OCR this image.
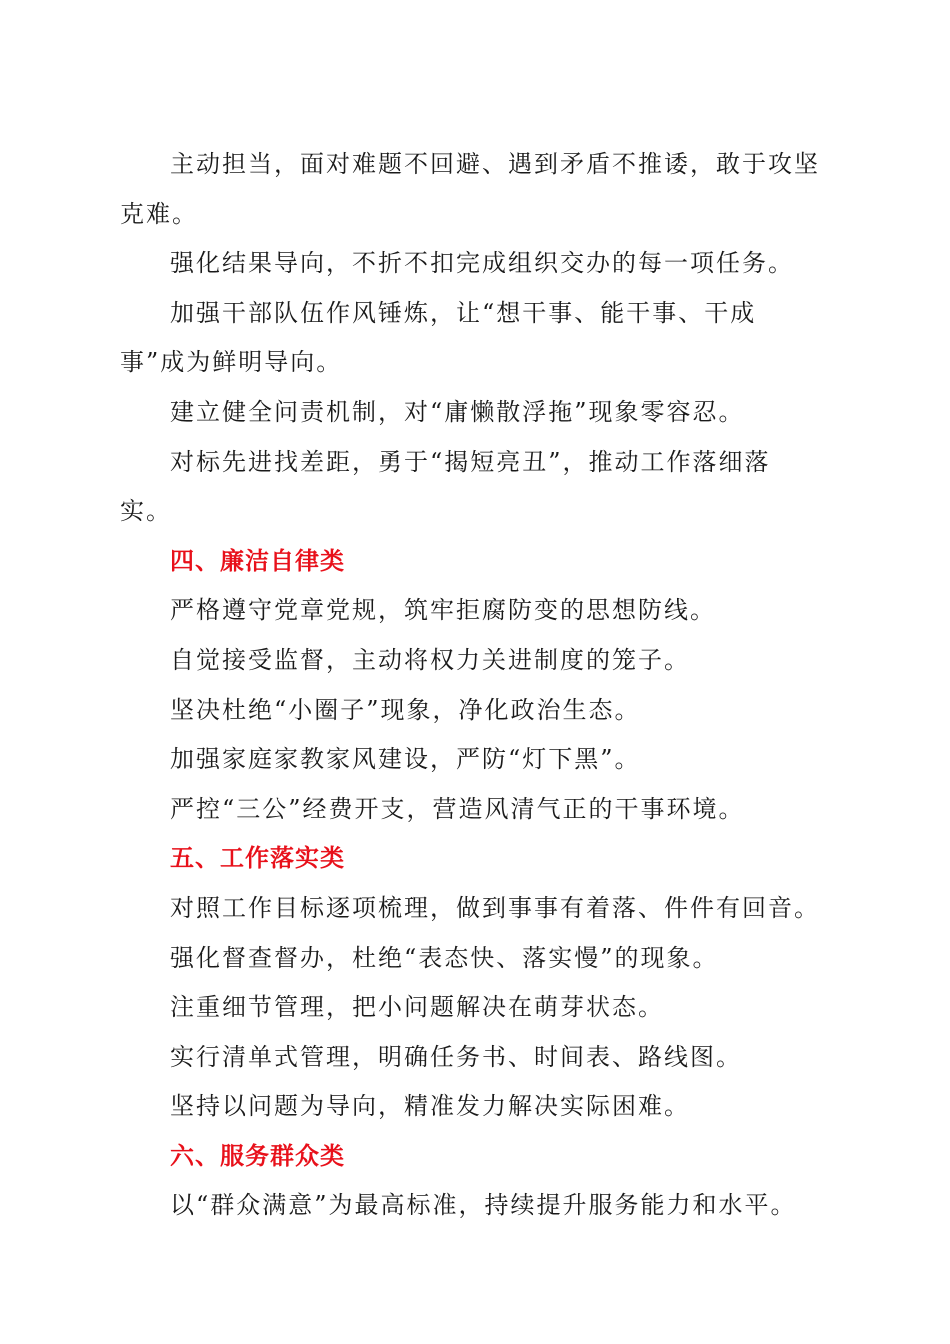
主动担当，面对难题不回避、遇到矛盾不推诿，敢于攻坚克难。

强化结果导向，不折不扣完成组织交办的每一项任务。

加强干部队伍作风锤炼，让“想干事、能干事、干成事”成为鲜明导向。

建立健全问责机制，对“庸懒散浮拖”现象零容忍。

对标先进找差距，勇于“揭短亮丑”，推动工作落细落实。

四、廉洁自律类

严格遵守党章党规，筑牢拒腐防变的思想防线。

自觉接受监督，主动将权力关进制度的笼子。

坚决杜绝“小圈子”现象，净化政治生态。

加强家庭家教家风建设，严防“灯下黑”。

严控“三公”经费开支，营造风清气正的干事环境。

五、工作落实类

对照工作目标逐项梳理，做到事事有着落、件件有回音。

强化督查督办，杜绝“表态快、落实慢”的现象。

注重细节管理，把小问题解决在萌芽状态。

实行清单式管理，明确任务书、时间表、路线图。

坚持以问题为导向，精准发力解决实际困难。

六、服务群众类

以“群众满意”为最高标准，持续提升服务能力和水平。
